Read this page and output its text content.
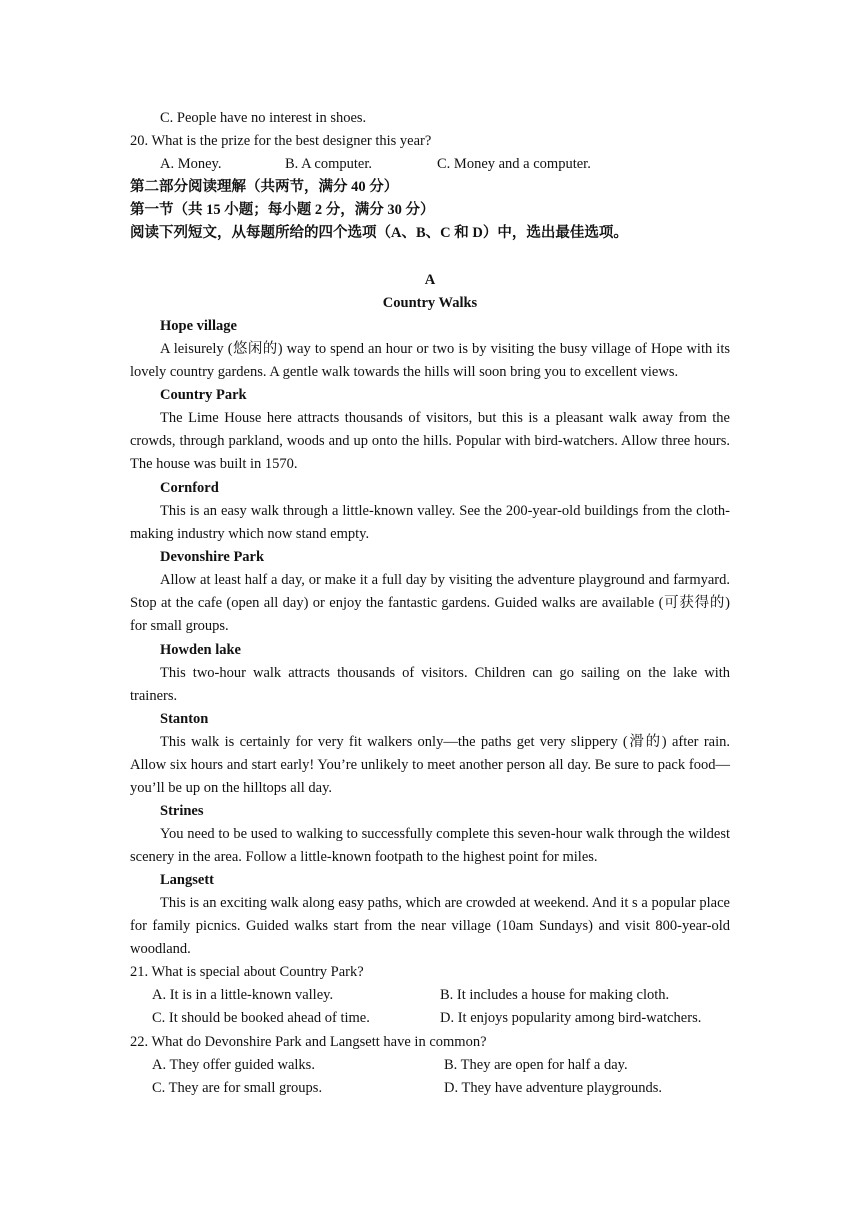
C. People have no interest in shoes.
20. What is the prize for the best designer this year?
A. Money.	B. A computer.	C. Money and a computer.
第二部分阅读理解（共两节，满分 40 分）
第一节（共 15 小题；每小题 2 分，满分 30 分）
阅读下列短文，从每题所给的四个选项（A、B、C 和 D）中，选出最佳选项。
A
Country Walks
Hope village
A leisurely (悠闲的) way to spend an hour or two is by visiting the busy village of Hope with its lovely country gardens. A gentle walk towards the hills will soon bring you to excellent views.
Country Park
The Lime House here attracts thousands of visitors, but this is a pleasant walk away from the crowds, through parkland, woods and up onto the hills. Popular with bird-watchers. Allow three hours. The house was built in 1570.
Cornford
This is an easy walk through a little-known valley. See the 200-year-old buildings from the cloth-making industry which now stand empty.
Devonshire Park
Allow at least half a day, or make it a full day by visiting the adventure playground and farmyard. Stop at the cafe (open all day) or enjoy the fantastic gardens. Guided walks are available (可获得的) for small groups.
Howden lake
This two-hour walk attracts thousands of visitors. Children can go sailing on the lake with trainers.
Stanton
This walk is certainly for very fit walkers only—the paths get very slippery (滑的) after rain. Allow six hours and start early! You’re unlikely to meet another person all day. Be sure to pack food—you’ll be up on the hilltops all day.
Strines
You need to be used to walking to successfully complete this seven-hour walk through the wildest scenery in the area. Follow a little-known footpath to the highest point for miles.
Langsett
This is an exciting walk along easy paths, which are crowded at weekend. And it s a popular place for family picnics. Guided walks start from the near village (10am Sundays) and visit 800-year-old woodland.
21. What is special about Country Park?
A. It is in a little-known valley.	B. It includes a house for making cloth.
C. It should be booked ahead of time.	D. It enjoys popularity among bird-watchers.
22. What do Devonshire Park and Langsett have in common?
A. They offer guided walks.	B. They are open for half a day.
C. They are for small groups.	D. They have adventure playgrounds.
